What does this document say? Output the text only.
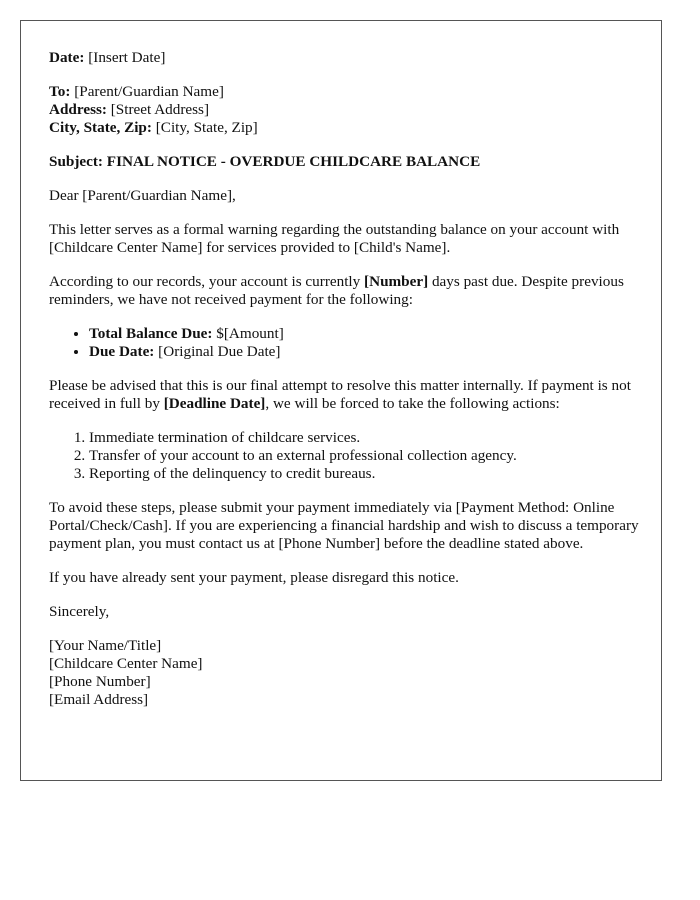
Date: [Insert Date]

To: [Parent/Guardian Name]

Address: [Street Address]

City, State, Zip: [City, State, Zip]

Subject: FINAL NOTICE - OVERDUE CHILDCARE BALANCE

Dear [Parent/Guardian Name],

This letter serves as a formal warning regarding the outstanding balance on your account with [Childcare Center Name] for services provided to [Child's Name].

According to our records, your account is currently [Number] days past due. Despite previous reminders, we have not received payment for the following:

• Total Balance Due: $[Amount]
• Due Date: [Original Due Date]

Please be advised that this is our final attempt to resolve this matter internally. If payment is not received in full by [Deadline Date], we will be forced to take the following actions:

1. Immediate termination of childcare services.
2. Transfer of your account to an external professional collection agency.
3. Reporting of the delinquency to credit bureaus.

To avoid these steps, please submit your payment immediately via [Payment Method: Online Portal/Check/Cash]. If you are experiencing a financial hardship and wish to discuss a temporary payment plan, you must contact us at [Phone Number] before the deadline stated above.

If you have already sent your payment, please disregard this notice.

Sincerely,

[Your Name/Title]

[Childcare Center Name]

[Phone Number]

[Email Address]
